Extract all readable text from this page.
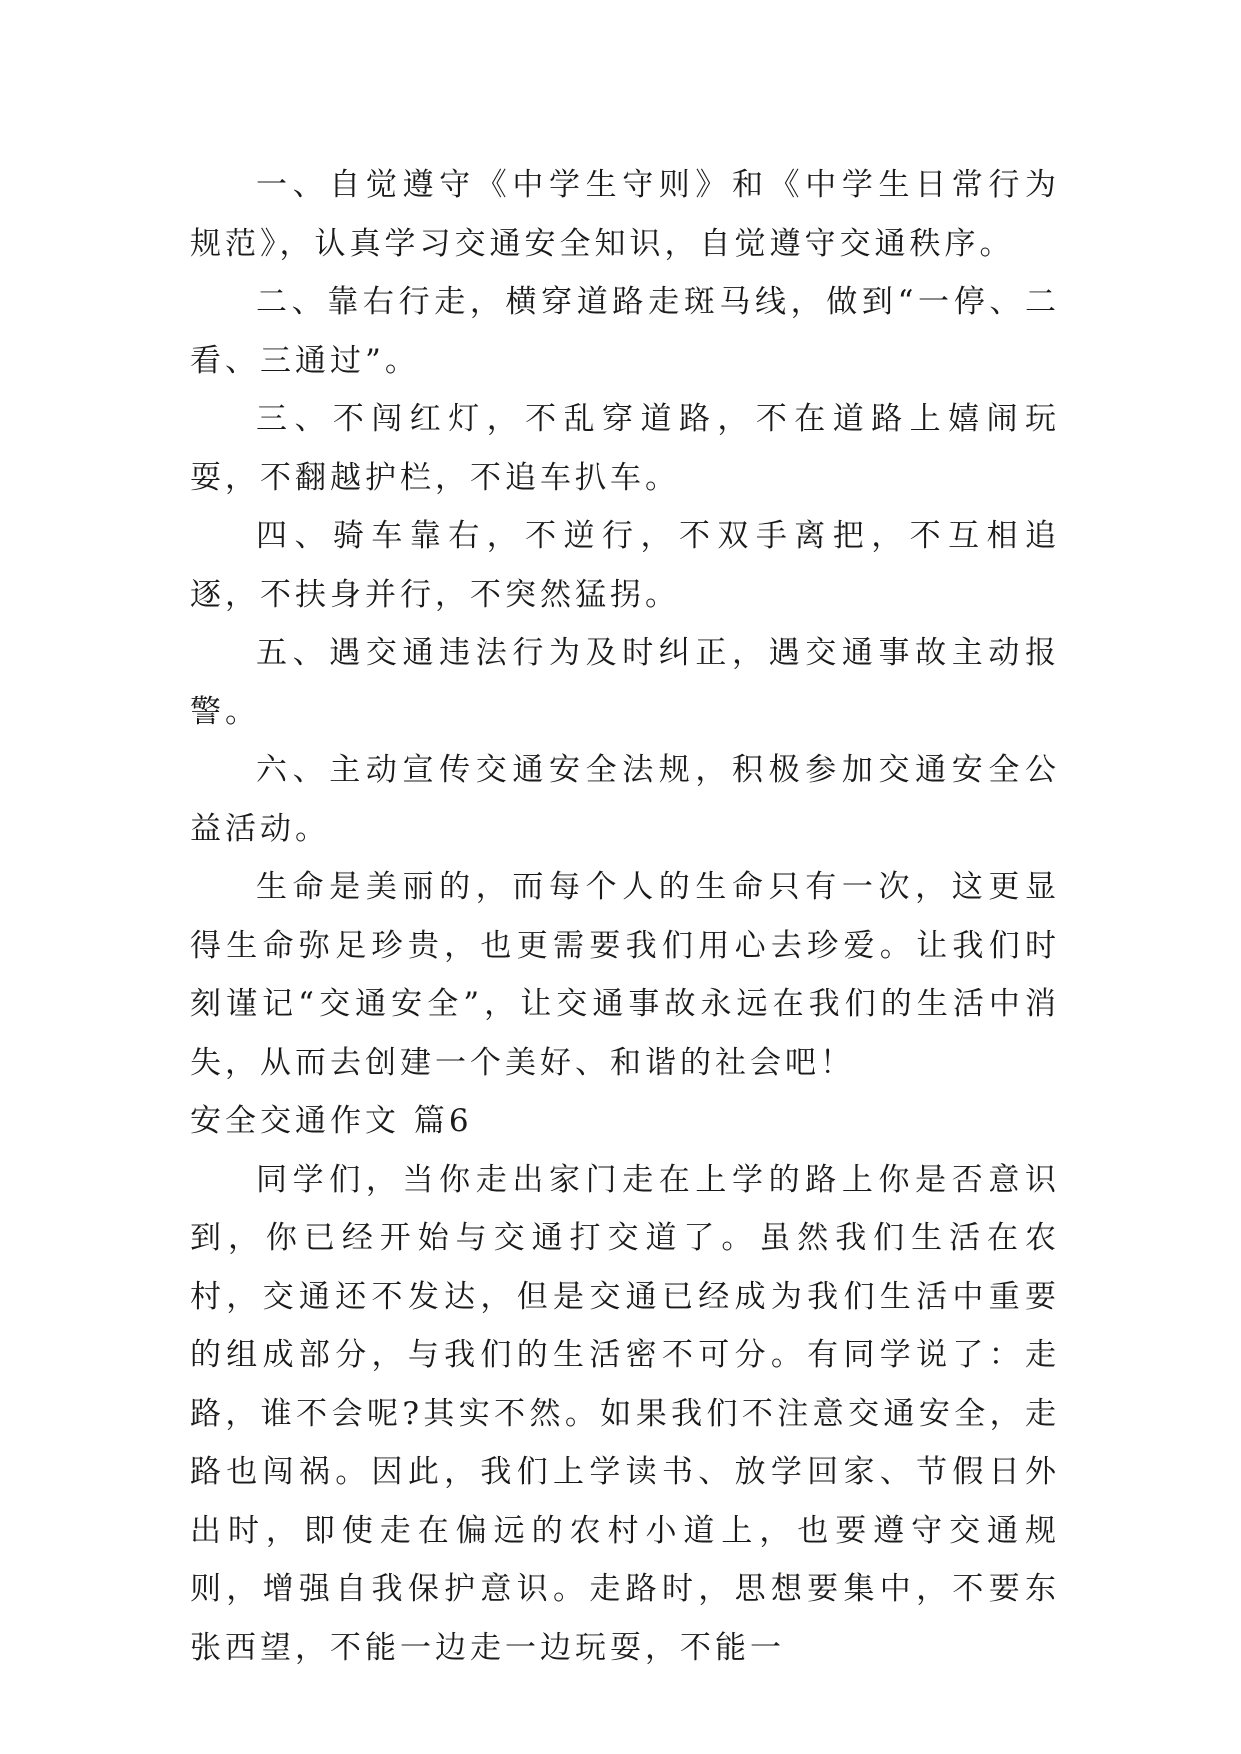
一、自觉遵守《中学生守则》和《中学生日常行为规范》，认真学习交通安全知识，自觉遵守交通秩序。

二、靠右行走，横穿道路走斑马线，做到“一停、二看、三通过”。

三、不闯红灯，不乱穿道路，不在道路上嬉闹玩耍，不翻越护栏，不追车扒车。

四、骑车靠右，不逆行，不双手离把，不互相追逐，不扶身并行，不突然猛拐。

五、遇交通违法行为及时纠正，遇交通事故主动报警。

六、主动宣传交通安全法规，积极参加交通安全公益活动。

生命是美丽的，而每个人的生命只有一次，这更显得生命弥足珍贵，也更需要我们用心去珍爱。让我们时刻谨记“交通安全”，让交通事故永远在我们的生活中消失，从而去创建一个美好、和谐的社会吧！

安全交通作文 篇6

同学们，当你走出家门走在上学的路上你是否意识到，你已经开始与交通打交道了。虽然我们生活在农村，交通还不发达，但是交通已经成为我们生活中重要的组成部分，与我们的生活密不可分。有同学说了：走路，谁不会呢?其实不然。如果我们不注意交通安全，走路也闯祸。因此，我们上学读书、放学回家、节假日外出时，即使走在偏远的农村小道上，也要遵守交通规则，增强自我保护意识。走路时，思想要集中，不要东张西望，不能一边走一边玩耍，不能一
